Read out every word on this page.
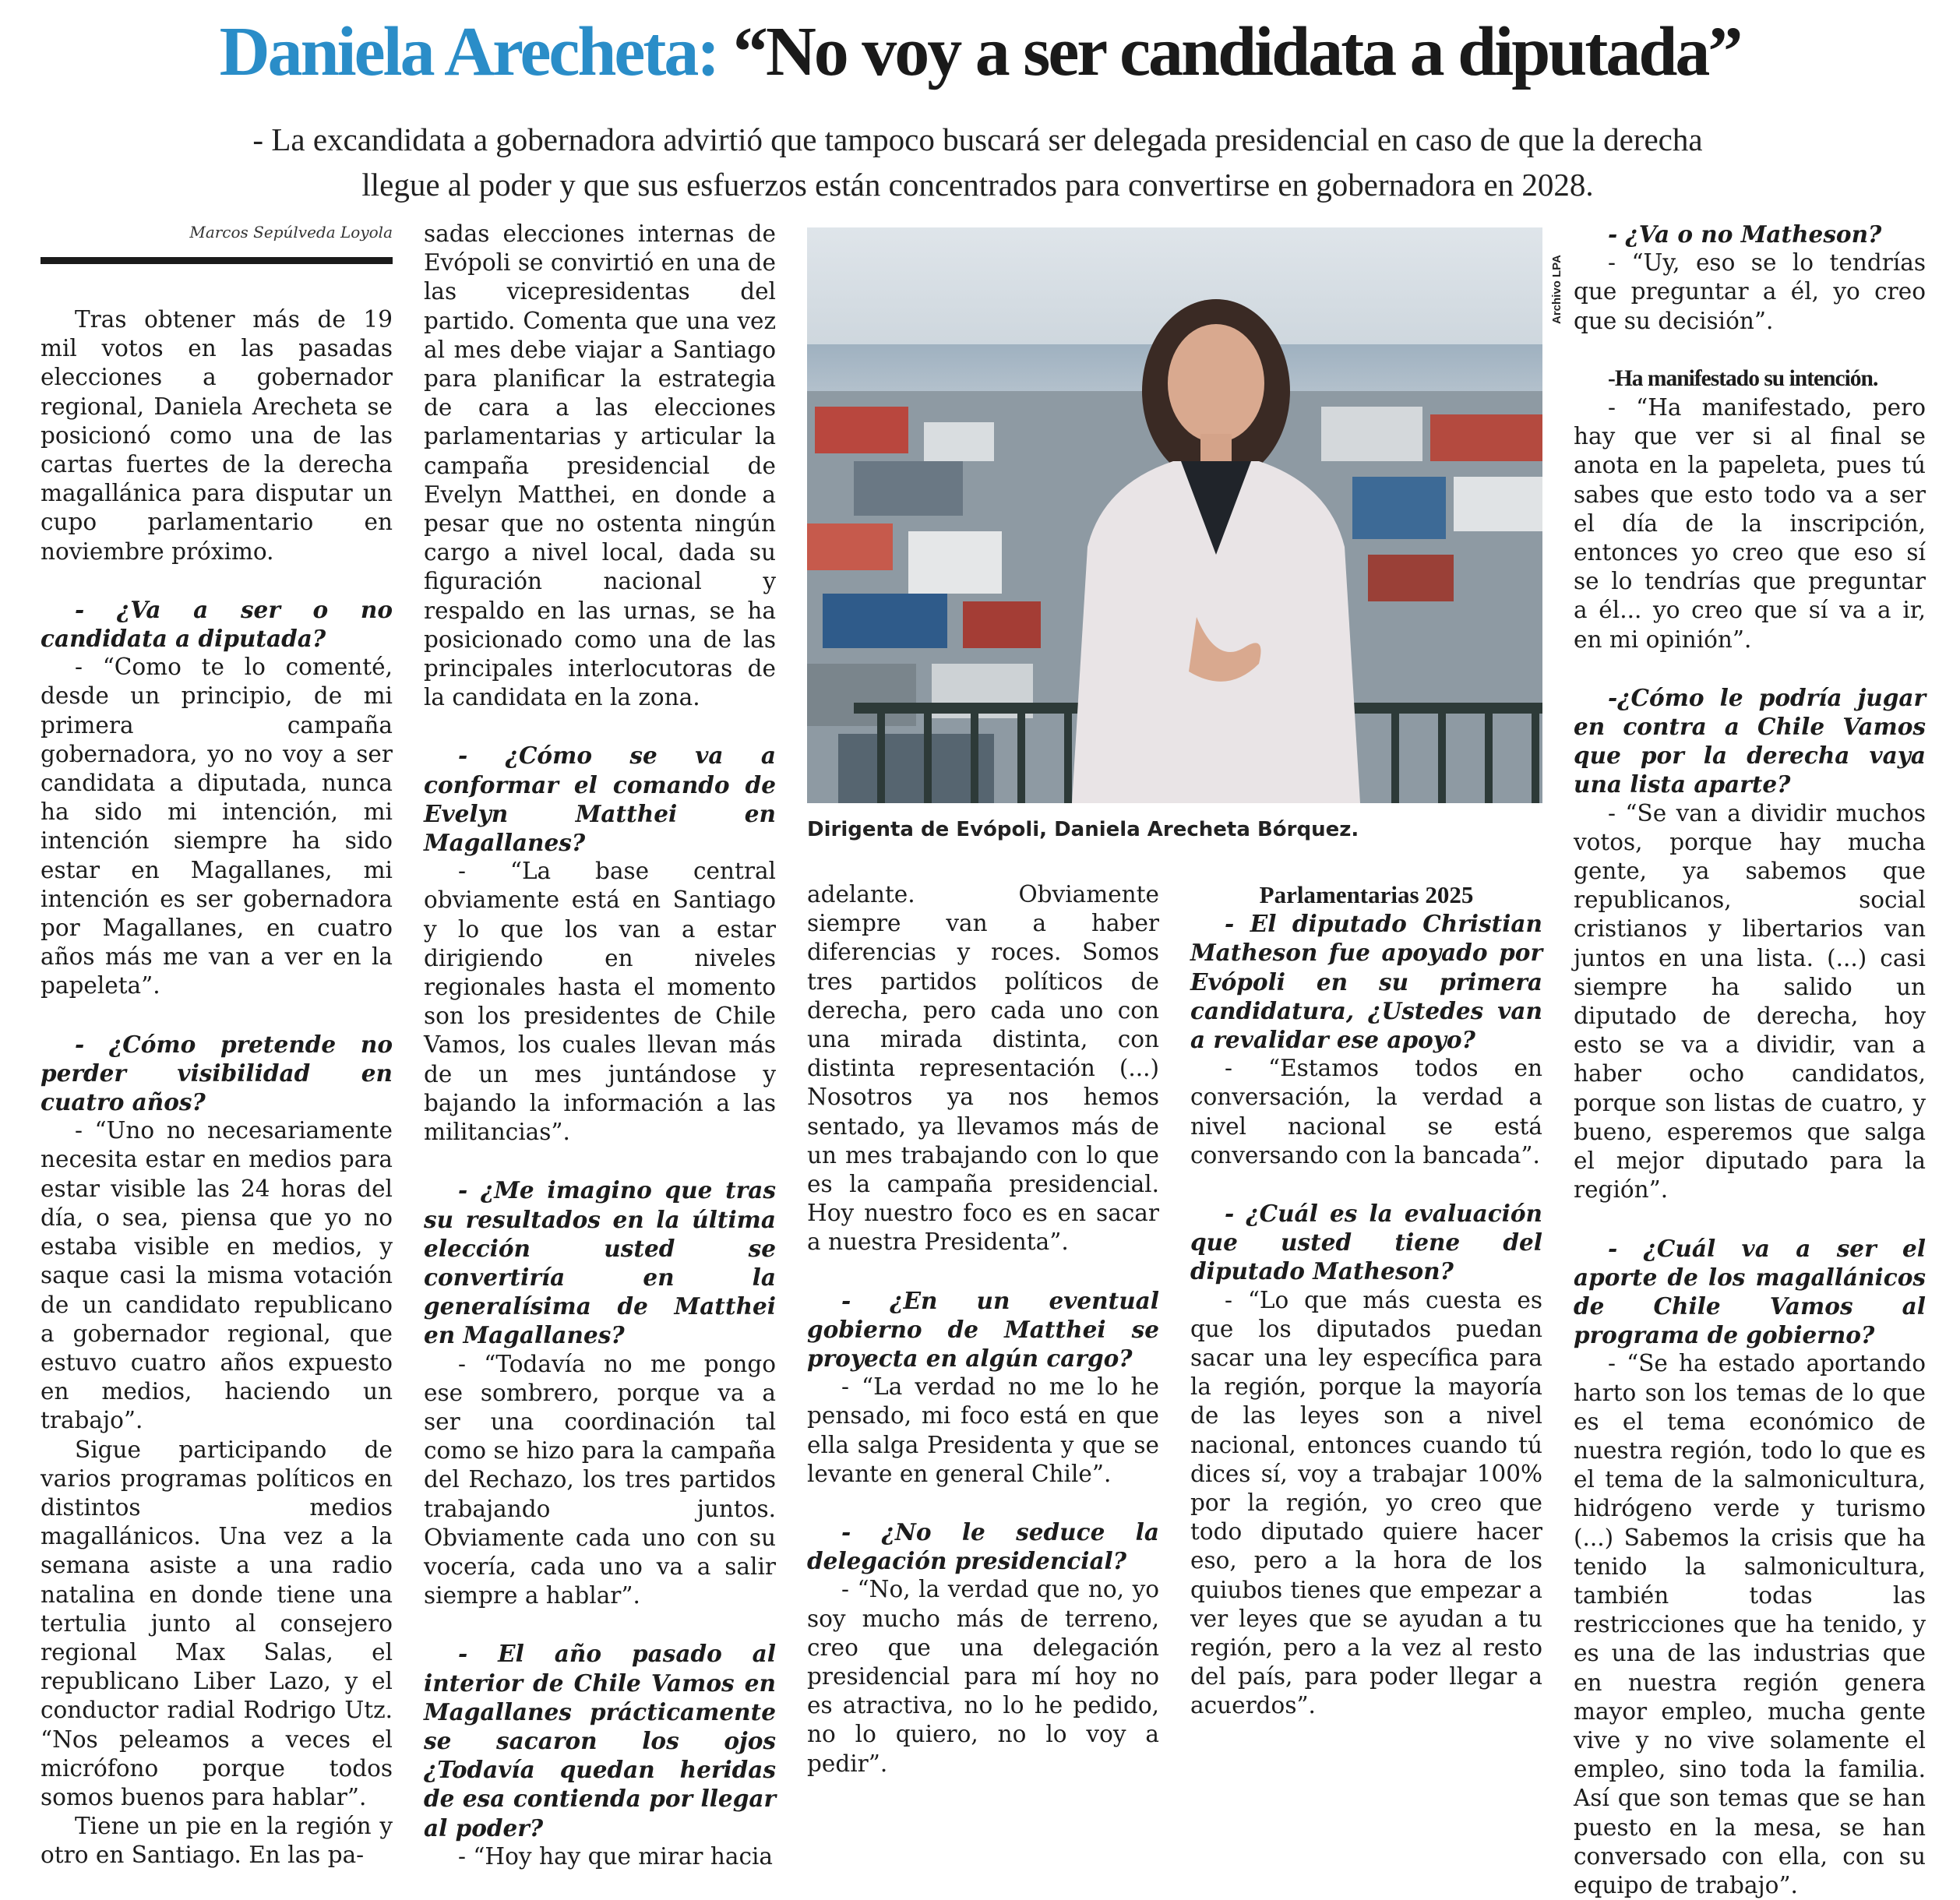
Daniela Arecheta: “No voy a ser candidata a diputada”

- La excandidata a gobernadora advirtió que tampoco buscará ser delegada presidencial en caso de que la derecha llegue al poder y que sus esfuerzos están concentrados para convertirse en gobernadora en 2028.

Marcos Sepúlveda Loyola

Tras obtener más de 19 mil votos en las pasadas elecciones a gobernador regional, Daniela Arecheta se posicionó como una de las cartas fuertes de la derecha magallánica para disputar un cupo parlamentario en noviembre próximo.

- ¿Va a ser o no candidata a diputada?

- “Como te lo comenté, desde un principio, de mi primera campaña gobernadora, yo no voy a ser candidata a diputada, nunca ha sido mi intención, mi intención siempre ha sido estar en Magallanes, mi intención es ser gobernadora por Magallanes, en cuatro años más me van a ver en la papeleta”.

- ¿Cómo pretende no perder visibilidad en cuatro años?

- “Uno no necesariamente necesita estar en medios para estar visible las 24 horas del día, o sea, piensa que yo no estaba visible en medios, y saque casi la misma votación de un candidato republicano a gobernador regional, que estuvo cuatro años expuesto en medios, haciendo un trabajo”.

Sigue participando de varios programas políticos en distintos medios magallánicos. Una vez a la semana asiste a una radio natalina en donde tiene una tertulia junto al consejero regional Max Salas, el republicano Liber Lazo, y el conductor radial Rodrigo Utz. “Nos peleamos a veces el micrófono porque todos somos buenos para hablar”.

Tiene un pie en la región y otro en Santiago. En las pa-

sadas elecciones internas de Evópoli se convirtió en una de las vicepresidentas del partido. Comenta que una vez al mes debe viajar a Santiago para planificar la estrategia de cara a las elecciones parlamentarias y articular la campaña presidencial de Evelyn Matthei, en donde a pesar que no ostenta ningún cargo a nivel local, dada su figuración nacional y respaldo en las urnas, se ha posicionado como una de las principales interlocutoras de la candidata en la zona.

- ¿Cómo se va a conformar el comando de Evelyn Matthei en Magallanes?

- “La base central obviamente está en Santiago y lo que los van a estar dirigiendo en niveles regionales hasta el momento son los presidentes de Chile Vamos, los cuales llevan más de un mes juntándose y bajando la información a las militancias”.

- ¿Me imagino que tras su resultados en la última elección usted se convertiría en la generalísima de Matthei en Magallanes?

- “Todavía no me pongo ese sombrero, porque va a ser una coordinación tal como se hizo para la campaña del Rechazo, los tres partidos trabajando juntos. Obviamente cada uno con su vocería, cada uno va a salir siempre a hablar”.

- El año pasado al interior de Chile Vamos en Magallanes prácticamente se sacaron los ojos ¿Todavía quedan heridas de esa contienda por llegar al poder?

- “Hoy hay que mirar hacia

Archivo LPA
Dirigenta de Evópoli, Daniela Arecheta Bórquez.

adelante. Obviamente siempre van a haber diferencias y roces. Somos tres partidos políticos de derecha, pero cada uno con una mirada distinta, con distinta representación (...) Nosotros ya nos hemos sentado, ya llevamos más de un mes trabajando con lo que es la campaña presidencial. Hoy nuestro foco es en sacar a nuestra Presidenta”.

- ¿En un eventual gobierno de Matthei se proyecta en algún cargo?

- “La verdad no me lo he pensado, mi foco está en que ella salga Presidenta y que se levante en general Chile”.

- ¿No le seduce la delegación presidencial?

- “No, la verdad que no, yo soy mucho más de terreno, creo que una delegación presidencial para mí hoy no es atractiva, no lo he pedido, no lo quiero, no lo voy a pedir”.

Parlamentarias 2025

- El diputado Christian Matheson fue apoyado por Evópoli en su primera candidatura, ¿Ustedes van a revalidar ese apoyo?

- “Estamos todos en conversación, la verdad a nivel nacional se está conversando con la bancada”.

- ¿Cuál es la evaluación que usted tiene del diputado Matheson?

- “Lo que más cuesta es que los diputados puedan sacar una ley específica para la región, porque la mayoría de las leyes son a nivel nacional, entonces cuando tú dices sí, voy a trabajar 100% por la región, yo creo que todo diputado quiere hacer eso, pero a la hora de los quiubos tienes que empezar a ver leyes que se ayudan a tu región, pero a la vez al resto del país, para poder llegar a acuerdos”.

- ¿Va o no Matheson?

- “Uy, eso se lo tendrías que preguntar a él, yo creo que su decisión”.

-Ha manifestado su intención.

- “Ha manifestado, pero hay que ver si al final se anota en la papeleta, pues tú sabes que esto todo va a ser el día de la inscripción, entonces yo creo que eso sí se lo tendrías que preguntar a él... yo creo que sí va a ir, en mi opinión”.

-¿Cómo le podría jugar en contra a Chile Vamos que por la derecha vaya una lista aparte?

- “Se van a dividir muchos votos, porque hay mucha gente, ya sabemos que republicanos, social cristianos y libertarios van juntos en una lista. (...) casi siempre ha salido un diputado de derecha, hoy esto se va a dividir, van a haber ocho candidatos, porque son listas de cuatro, y bueno, esperemos que salga el mejor diputado para la región”.

- ¿Cuál va a ser el aporte de los magallánicos de Chile Vamos al programa de gobierno?

- “Se ha estado aportando harto son los temas de lo que es el tema económico de nuestra región, todo lo que es el tema de la salmonicultura, hidrógeno verde y turismo (...) Sabemos la crisis que ha tenido la salmonicultura, también todas las restricciones que ha tenido, y es una de las industrias que en nuestra región genera mayor empleo, mucha gente vive y no vive solamente el empleo, sino toda la familia. Así que son temas que se han puesto en la mesa, se han conversado con ella, con su equipo de trabajo”.
